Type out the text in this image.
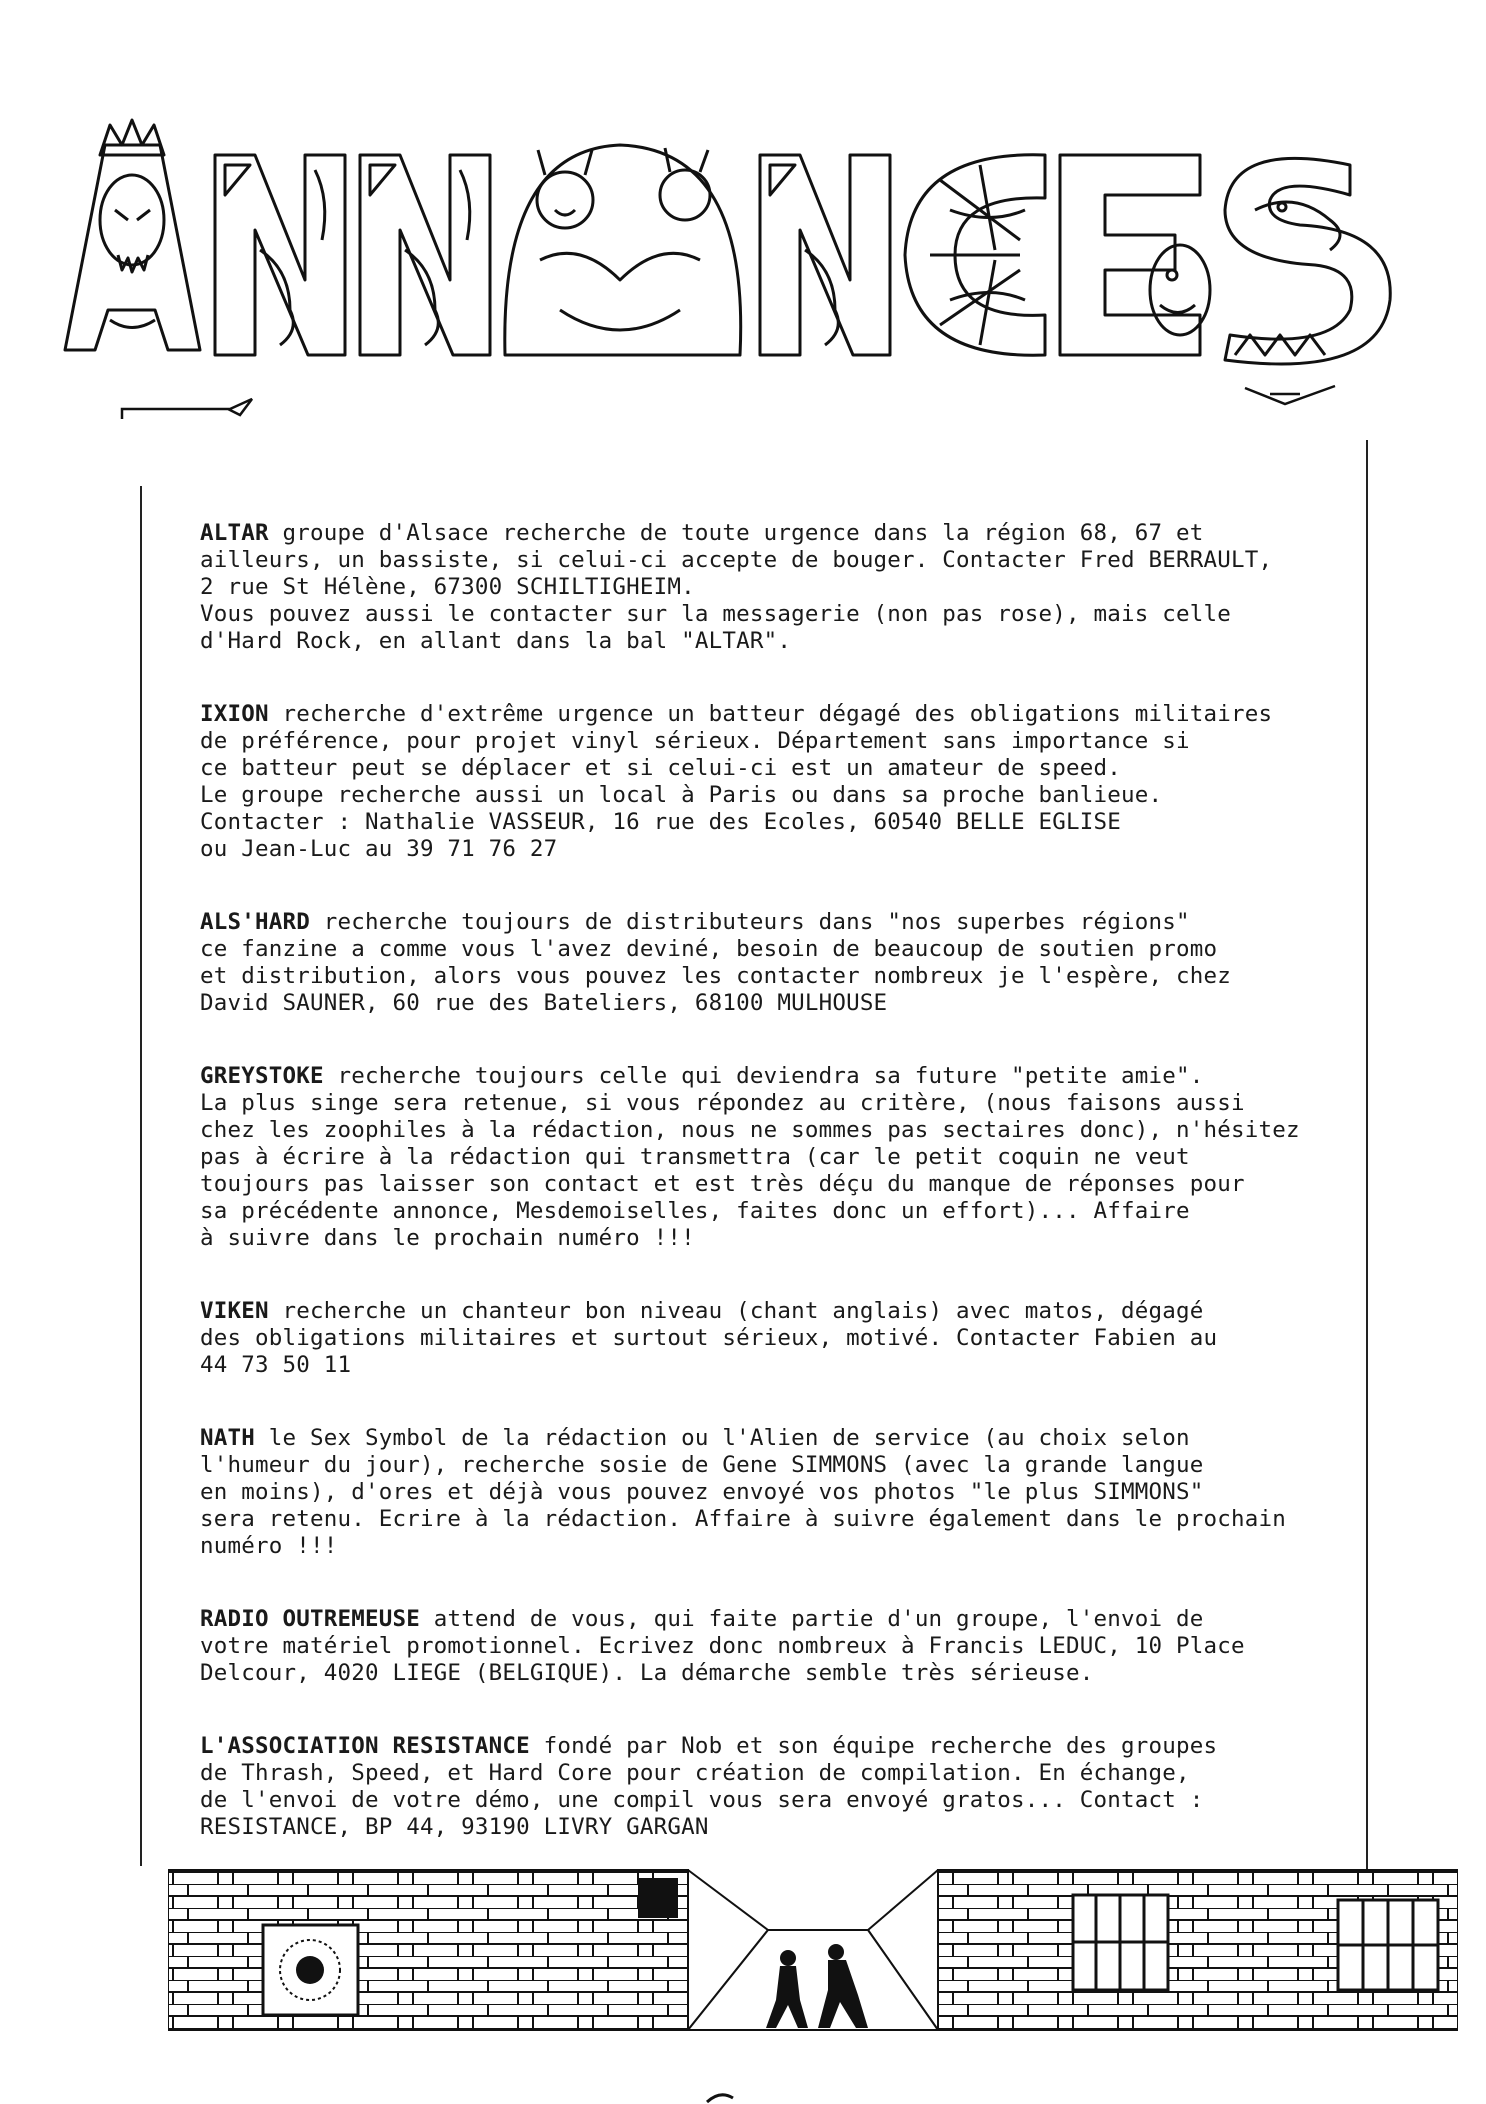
ALTAR groupe d'Alsace recherche de toute urgence dans la région 68, 67 et
ailleurs, un bassiste, si celui-ci accepte de bouger. Contacter Fred BERRAULT,
2 rue St Hélène, 67300 SCHILTIGHEIM.
Vous pouvez aussi le contacter sur la messagerie (non pas rose), mais celle
d'Hard Rock, en allant dans la bal "ALTAR".
IXION recherche d'extrême urgence un batteur dégagé des obligations militaires
de préférence, pour projet vinyl sérieux. Département sans importance si
ce batteur peut se déplacer et si celui-ci est un amateur de speed.
Le groupe recherche aussi un local à Paris ou dans sa proche banlieue.
Contacter : Nathalie VASSEUR, 16 rue des Ecoles, 60540 BELLE EGLISE
ou Jean-Luc au 39 71 76 27
ALS'HARD recherche toujours de distributeurs dans "nos superbes régions"
ce fanzine a comme vous l'avez deviné, besoin de beaucoup de soutien promo
et distribution, alors vous pouvez les contacter nombreux je l'espère, chez
David SAUNER, 60 rue des Bateliers, 68100 MULHOUSE
GREYSTOKE recherche toujours celle qui deviendra sa future "petite amie".
La plus singe sera retenue, si vous répondez au critère, (nous faisons aussi
chez les zoophiles à la rédaction, nous ne sommes pas sectaires donc), n'hésitez
pas à écrire à la rédaction qui transmettra (car le petit coquin ne veut
toujours pas laisser son contact et est très déçu du manque de réponses pour
sa précédente annonce, Mesdemoiselles, faites donc un effort)... Affaire
à suivre dans le prochain numéro !!!
VIKEN recherche un chanteur bon niveau (chant anglais) avec matos, dégagé
des obligations militaires et surtout sérieux, motivé. Contacter Fabien au
44 73 50 11
NATH le Sex Symbol de la rédaction ou l'Alien de service (au choix selon
l'humeur du jour), recherche sosie de Gene SIMMONS (avec la grande langue
en moins), d'ores et déjà vous pouvez envoyé vos photos "le plus SIMMONS"
sera retenu. Ecrire à la rédaction. Affaire à suivre également dans le prochain
numéro !!!
RADIO OUTREMEUSE attend de vous, qui faite partie d'un groupe, l'envoi de
votre matériel promotionnel. Ecrivez donc nombreux à Francis LEDUC, 10 Place
Delcour, 4020 LIEGE (BELGIQUE). La démarche semble très sérieuse.
L'ASSOCIATION RESISTANCE fondé par Nob et son équipe recherche des groupes
de Thrash, Speed, et Hard Core pour création de compilation. En échange,
de l'envoi de votre démo, une compil vous sera envoyé gratos... Contact :
RESISTANCE, BP 44, 93190 LIVRY GARGAN
